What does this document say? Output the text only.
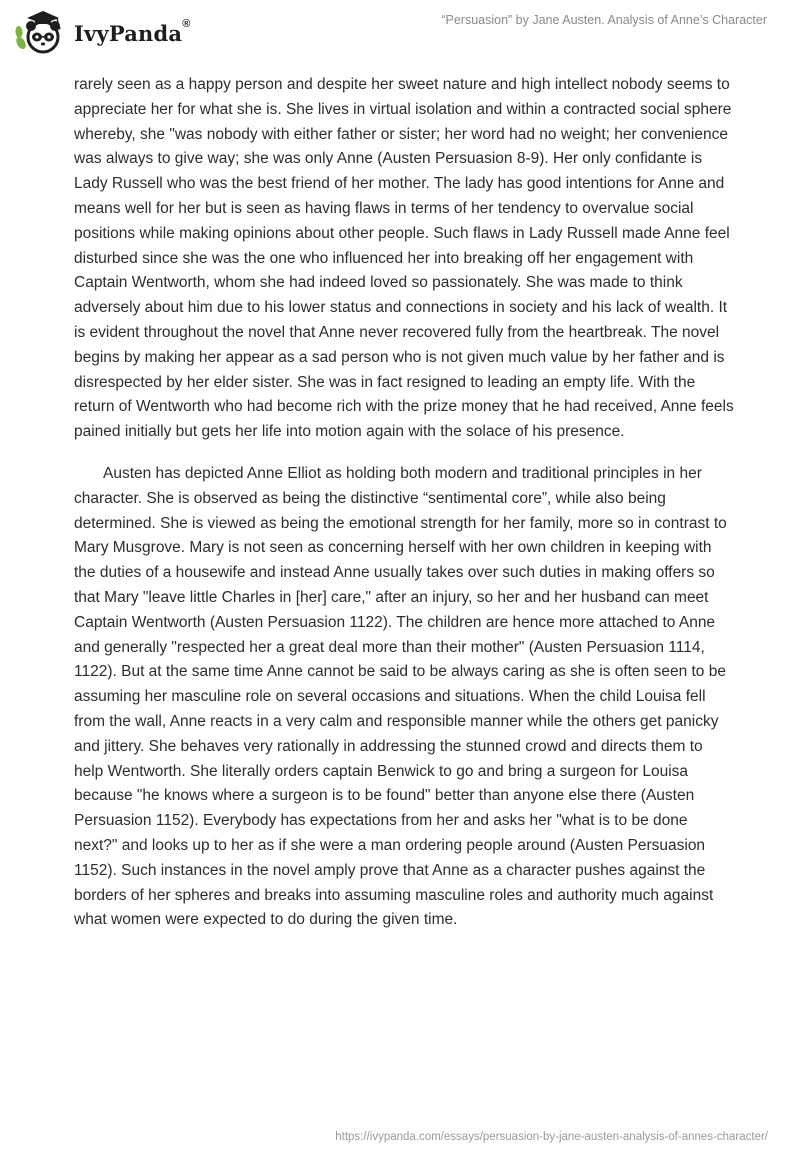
IvyPanda®	“Persuasion” by Jane Austen. Analysis of Anne’s Character

rarely seen as a happy person and despite her sweet nature and high intellect nobody seems to appreciate her for what she is. She lives in virtual isolation and within a contracted social sphere whereby, she "was nobody with either father or sister; her word had no weight; her convenience was always to give way; she was only Anne (Austen Persuasion 8-9). Her only confidante is Lady Russell who was the best friend of her mother. The lady has good intentions for Anne and means well for her but is seen as having flaws in terms of her tendency to overvalue social positions while making opinions about other people. Such flaws in Lady Russell made Anne feel disturbed since she was the one who influenced her into breaking off her engagement with Captain Wentworth, whom she had indeed loved so passionately. She was made to think adversely about him due to his lower status and connections in society and his lack of wealth. It is evident throughout the novel that Anne never recovered fully from the heartbreak. The novel begins by making her appear as a sad person who is not given much value by her father and is disrespected by her elder sister. She was in fact resigned to leading an empty life. With the return of Wentworth who had become rich with the prize money that he had received, Anne feels pained initially but gets her life into motion again with the solace of his presence.

Austen has depicted Anne Elliot as holding both modern and traditional principles in her character. She is observed as being the distinctive “sentimental core”, while also being determined. She is viewed as being the emotional strength for her family, more so in contrast to Mary Musgrove. Mary is not seen as concerning herself with her own children in keeping with the duties of a housewife and instead Anne usually takes over such duties in making offers so that Mary "leave little Charles in [her] care," after an injury, so her and her husband can meet Captain Wentworth (Austen Persuasion 1122). The children are hence more attached to Anne and generally "respected her a great deal more than their mother" (Austen Persuasion 1114, 1122). But at the same time Anne cannot be said to be always caring as she is often seen to be assuming her masculine role on several occasions and situations. When the child Louisa fell from the wall, Anne reacts in a very calm and responsible manner while the others get panicky and jittery. She behaves very rationally in addressing the stunned crowd and directs them to help Wentworth. She literally orders captain Benwick to go and bring a surgeon for Louisa because "he knows where a surgeon is to be found" better than anyone else there (Austen Persuasion 1152). Everybody has expectations from her and asks her "what is to be done next?" and looks up to her as if she were a man ordering people around (Austen Persuasion 1152). Such instances in the novel amply prove that Anne as a character pushes against the borders of her spheres and breaks into assuming masculine roles and authority much against what women were expected to do during the given time.

https://ivypanda.com/essays/persuasion-by-jane-austen-analysis-of-annes-character/
